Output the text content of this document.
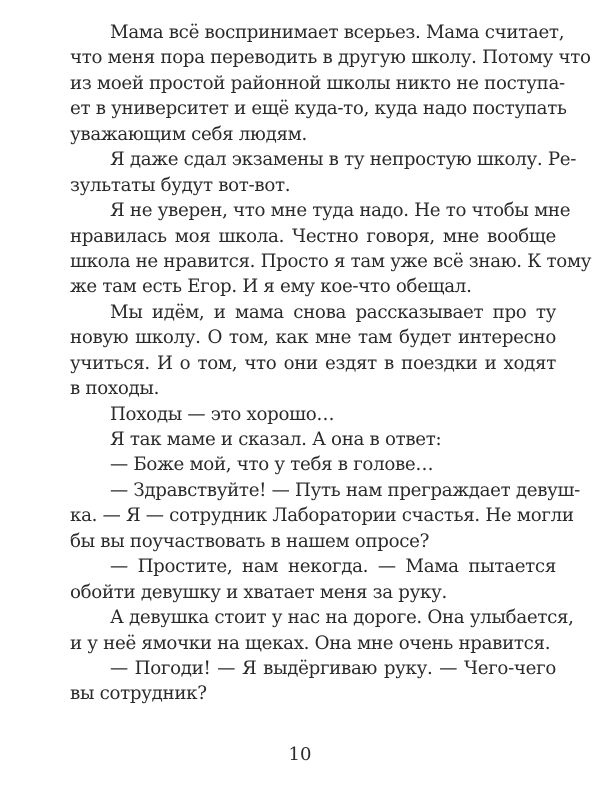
Мама всё воспринимает всерьез. Мама считает,
что меня пора переводить в другую школу. Потому что
из моей простой районной школы никто не поступа-
ет в университет и ещё куда-то, куда надо поступать
уважающим себя людям.
Я даже сдал экзамены в ту непростую школу. Ре-
зультаты будут вот-вот.
Я не уверен, что мне туда надо. Не то чтобы мне
нравилась моя школа. Честно говоря, мне вообще
школа не нравится. Просто я там уже всё знаю. К тому
же там есть Егор. И я ему кое-что обещал.
Мы идём, и мама снова рассказывает про ту
новую школу. О том, как мне там будет интересно
учиться. И о том, что они ездят в поездки и ходят
в походы.
Походы — это хорошо…
Я так маме и сказал. А она в ответ:
— Боже мой, что у тебя в голове…
— Здравствуйте! — Путь нам преграждает девуш-
ка. — Я — сотрудник Лаборатории счастья. Не могли
бы вы поучаствовать в нашем опросе?
— Простите, нам некогда. — Мама пытается
обойти девушку и хватает меня за руку.
А девушка стоит у нас на дороге. Она улыбается,
и у неё ямочки на щеках. Она мне очень нравится.
— Погоди! — Я выдёргиваю руку. — Чего-чего
вы сотрудник?
10
